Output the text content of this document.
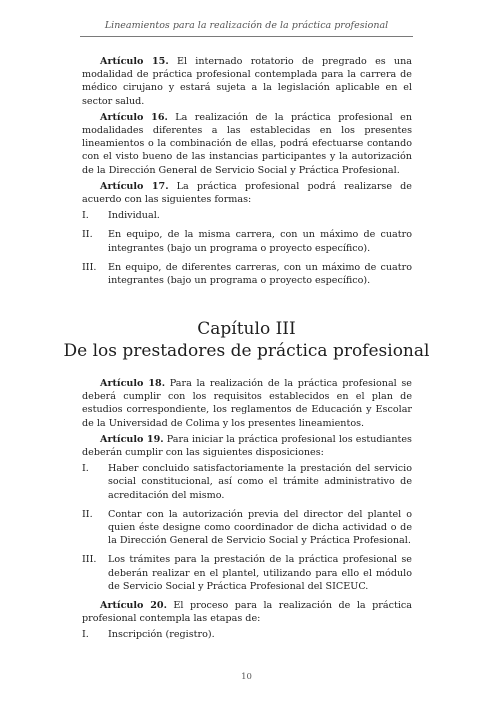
Lineamientos para la realización de la práctica profesional

Artículo 15. El internado rotatorio de pregrado es una modalidad de práctica profesional contemplada para la carrera de médico cirujano y estará sujeta a la legislación aplicable en el sector salud.

Artículo 16. La realización de la práctica profesional en modalidades diferentes a las establecidas en los presentes lineamientos o la combinación de ellas, podrá efectuarse contando con el visto bueno de las instancias participantes y la autorización de la Dirección General de Servicio Social y Práctica Profesional.

Artículo 17. La práctica profesional podrá realizarse de acuerdo con las siguientes formas:

I.	Individual.
II.	En equipo, de la misma carrera, con un máximo de cuatro integrantes (bajo un programa o proyecto específico).
III.	En equipo, de diferentes carreras, con un máximo de cuatro integrantes (bajo un programa o proyecto específico).
Capítulo III
De los prestadores de práctica profesional

Artículo 18. Para la realización de la práctica profesional se deberá cumplir con los requisitos establecidos en el plan de estudios correspondiente, los reglamentos de Educación y Escolar de la Universidad de Colima y los presentes lineamientos.

Artículo 19. Para iniciar la práctica profesional los estudiantes deberán cumplir con las siguientes disposiciones:

I.	Haber concluido satisfactoriamente la prestación del servicio social constitucional, así como el trámite administrativo de acreditación del mismo.
II.	Contar con la autorización previa del director del plantel o quien éste designe como coordinador de dicha actividad o de la Dirección General de Servicio Social y Práctica Profesional.
III.	Los trámites para la prestación de la práctica profesional se deberán realizar en el plantel, utilizando para ello el módulo de Servicio Social y Práctica Profesional del SICEUC.

Artículo 20. El proceso para la realización de la práctica profesional contempla las etapas de:

I.	Inscripción (registro).
10
